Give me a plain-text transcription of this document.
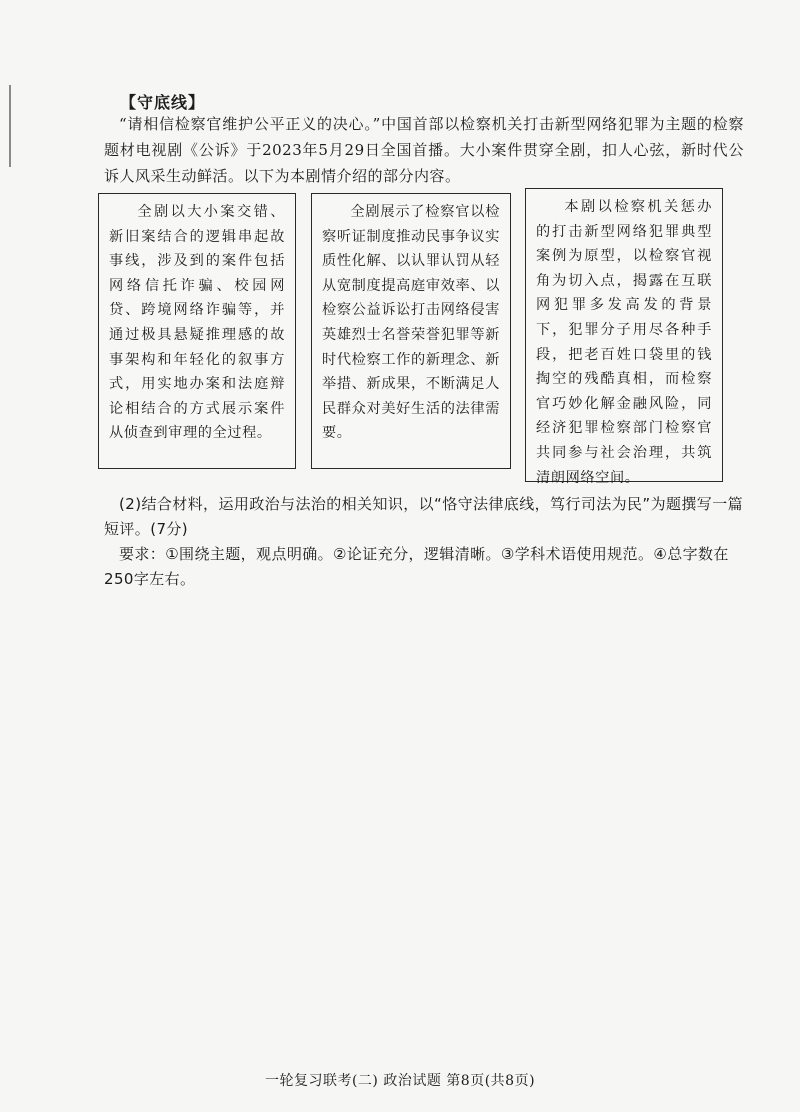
【守底线】

“请相信检察官维护公平正义的决心。”中国首部以检察机关打击新型网络犯罪为主题的检察题材电视剧《公诉》于2023年5月29日全国首播。大小案件贯穿全剧，扣人心弦，新时代公诉人风采生动鲜活。以下为本剧情介绍的部分内容。

全剧以大小案交错、新旧案结合的逻辑串起故事线，涉及到的案件包括网络信托诈骗、校园网贷、跨境网络诈骗等，并通过极具悬疑推理感的故事架构和年轻化的叙事方式，用实地办案和法庭辩论相结合的方式展示案件从侦查到审理的全过程。

全剧展示了检察官以检察听证制度推动民事争议实质性化解、以认罪认罚从轻从宽制度提高庭审效率、以检察公益诉讼打击网络侵害英雄烈士名誉荣誉犯罪等新时代检察工作的新理念、新举措、新成果，不断满足人民群众对美好生活的法律需要。

本剧以检察机关惩办的打击新型网络犯罪典型案例为原型，以检察官视角为切入点，揭露在互联网犯罪多发高发的背景下，犯罪分子用尽各种手段，把老百姓口袋里的钱掏空的残酷真相，而检察官巧妙化解金融风险，同经济犯罪检察部门检察官共同参与社会治理，共筑清朗网络空间。

(2)结合材料，运用政治与法治的相关知识，以“恪守法律底线，笃行司法为民”为题撰写一篇短评。(7分)

要求：①围绕主题，观点明确。②论证充分，逻辑清晰。③学科术语使用规范。④总字数在250字左右。

一轮复习联考(二) 政治试题 第8页(共8页)
